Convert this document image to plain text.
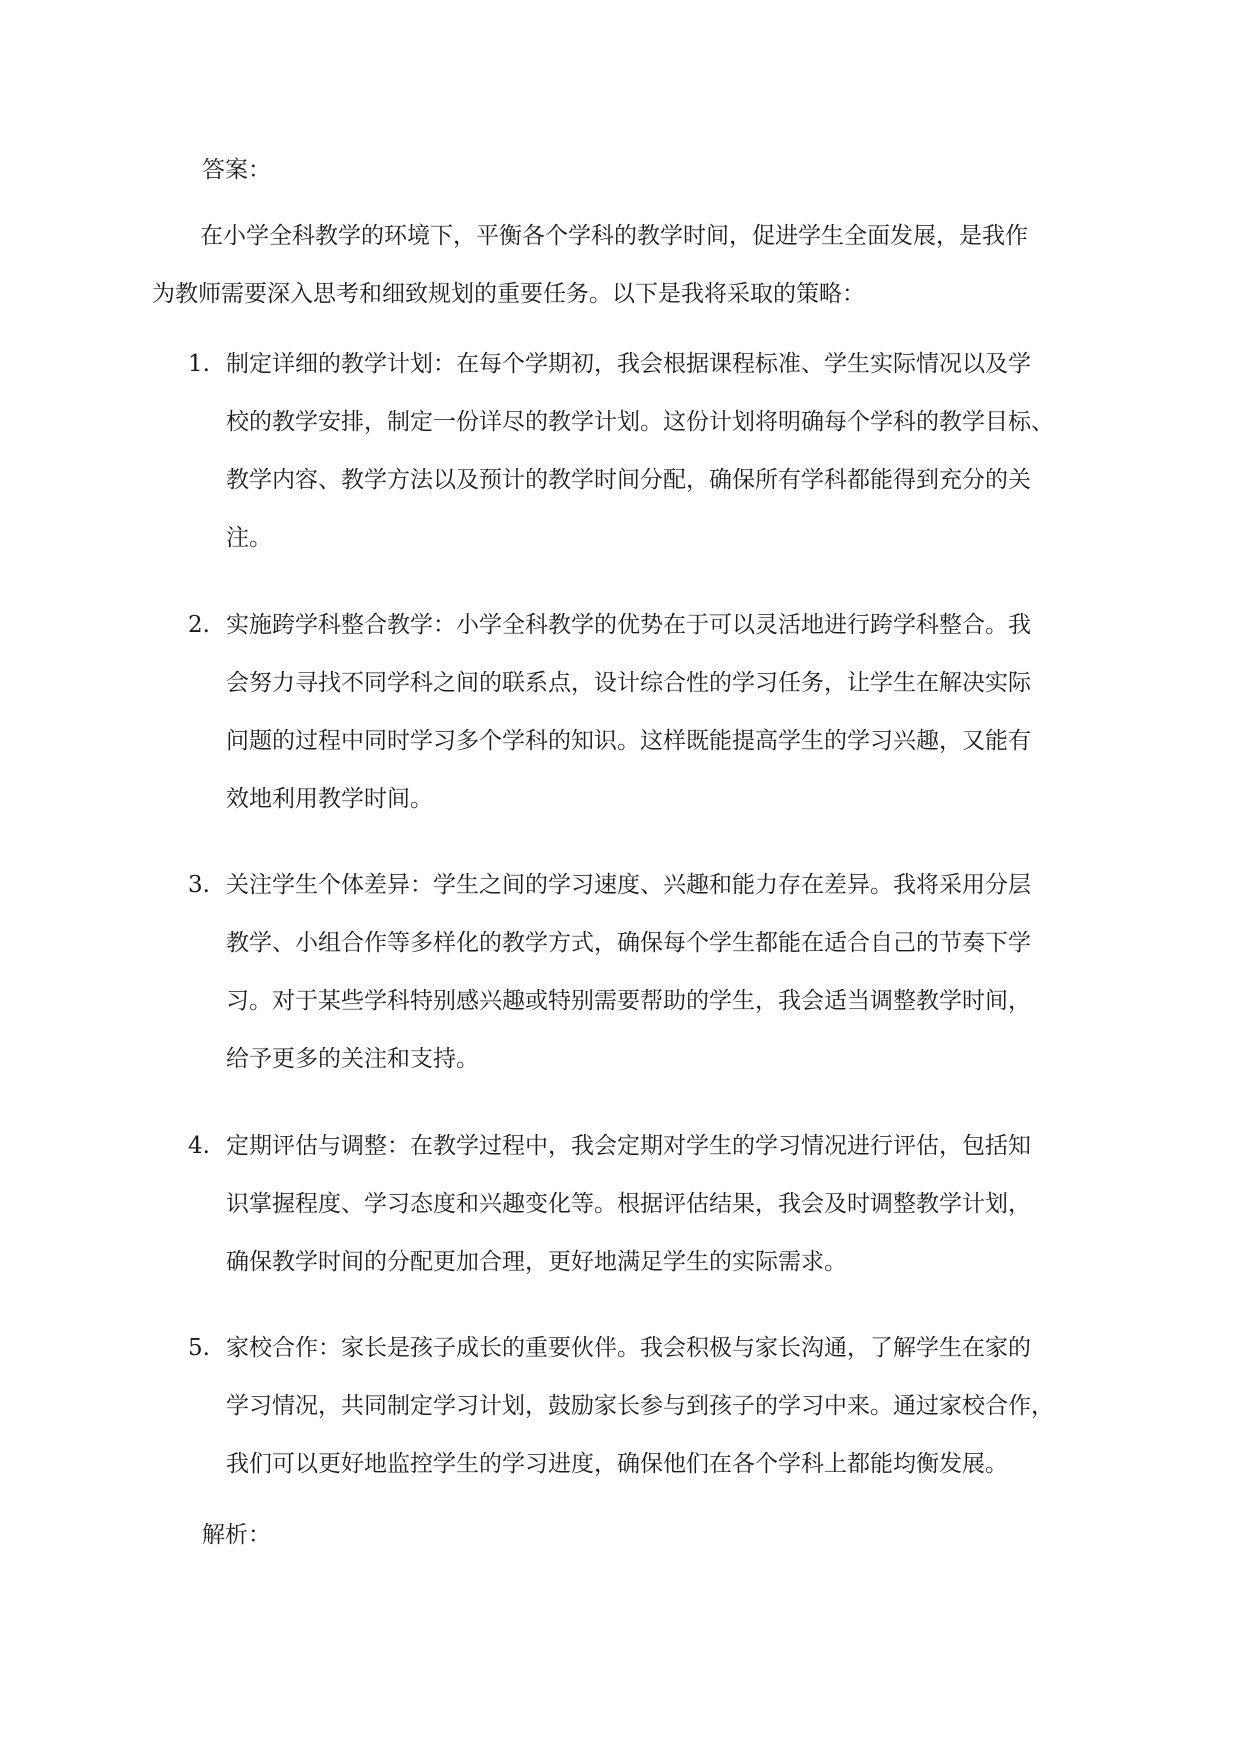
答案：

在小学全科教学的环境下，平衡各个学科的教学时间，促进学生全面发展，是我作
为教师需要深入思考和细致规划的重要任务。以下是我将采取的策略：
1. 制定详细的教学计划：在每个学期初，我会根据课程标准、学生实际情况以及学
校的教学安排，制定一份详尽的教学计划。这份计划将明确每个学科的教学目标、
教学内容、教学方法以及预计的教学时间分配，确保所有学科都能得到充分的关
注。
2. 实施跨学科整合教学：小学全科教学的优势在于可以灵活地进行跨学科整合。我
会努力寻找不同学科之间的联系点，设计综合性的学习任务，让学生在解决实际
问题的过程中同时学习多个学科的知识。这样既能提高学生的学习兴趣，又能有
效地利用教学时间。
3. 关注学生个体差异：学生之间的学习速度、兴趣和能力存在差异。我将采用分层
教学、小组合作等多样化的教学方式，确保每个学生都能在适合自己的节奏下学
习。对于某些学科特别感兴趣或特别需要帮助的学生，我会适当调整教学时间，
给予更多的关注和支持。
4. 定期评估与调整：在教学过程中，我会定期对学生的学习情况进行评估，包括知
识掌握程度、学习态度和兴趣变化等。根据评估结果，我会及时调整教学计划，
确保教学时间的分配更加合理，更好地满足学生的实际需求。
5. 家校合作：家长是孩子成长的重要伙伴。我会积极与家长沟通，了解学生在家的
学习情况，共同制定学习计划，鼓励家长参与到孩子的学习中来。通过家校合作，
我们可以更好地监控学生的学习进度，确保他们在各个学科上都能均衡发展。

解析：
